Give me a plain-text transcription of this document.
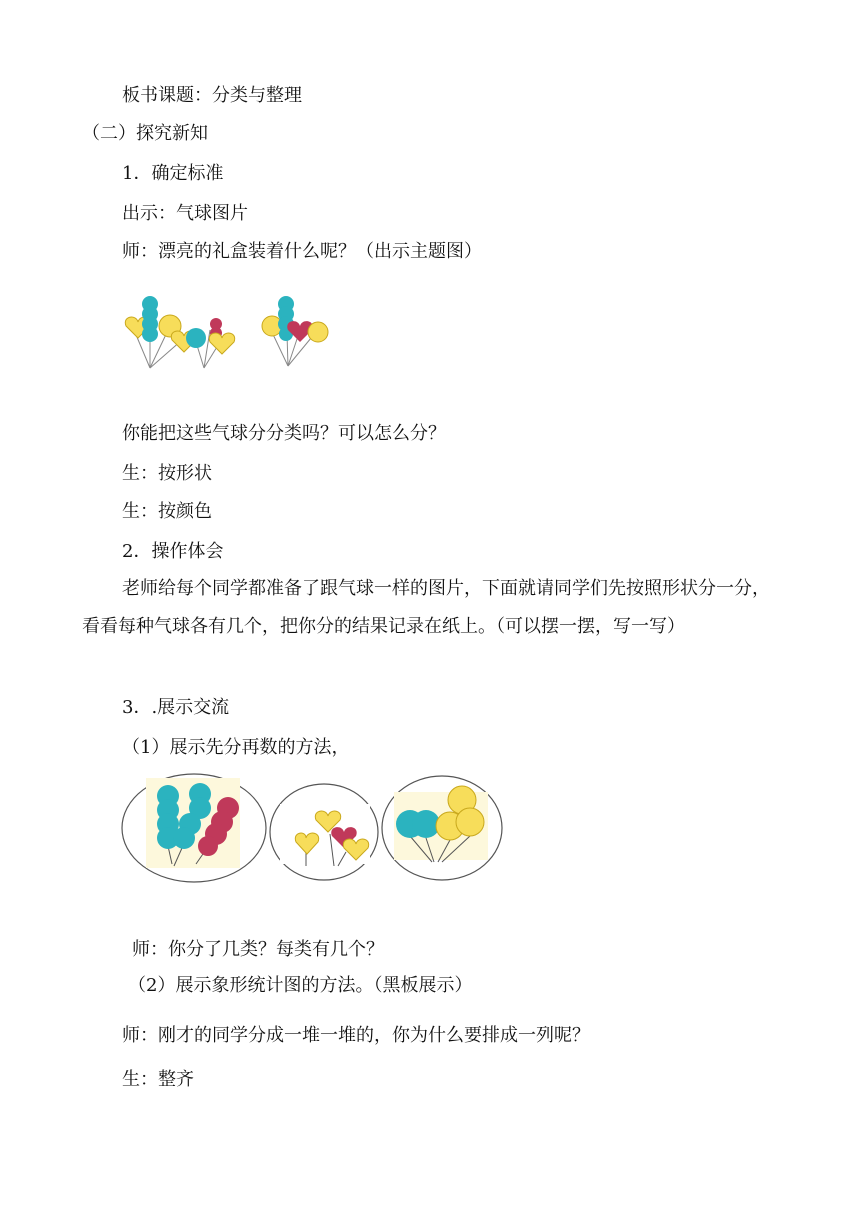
板书课题：分类与整理
（二）探究新知
1．确定标准
出示：气球图片
师：漂亮的礼盒装着什么呢？（出示主题图）
你能把这些气球分分类吗？可以怎么分？
生：按形状
生：按颜色
2．操作体会
老师给每个同学都准备了跟气球一样的图片，下面就请同学们先按照形状分一分，看看每种气球各有几个，把你分的结果记录在纸上。（可以摆一摆，写一写）
3．.展示交流
（1）展示先分再数的方法，
师：你分了几类？每类有几个？
（2）展示象形统计图的方法。（黑板展示）
师：刚才的同学分成一堆一堆的，你为什么要排成一列呢？
生：整齐
